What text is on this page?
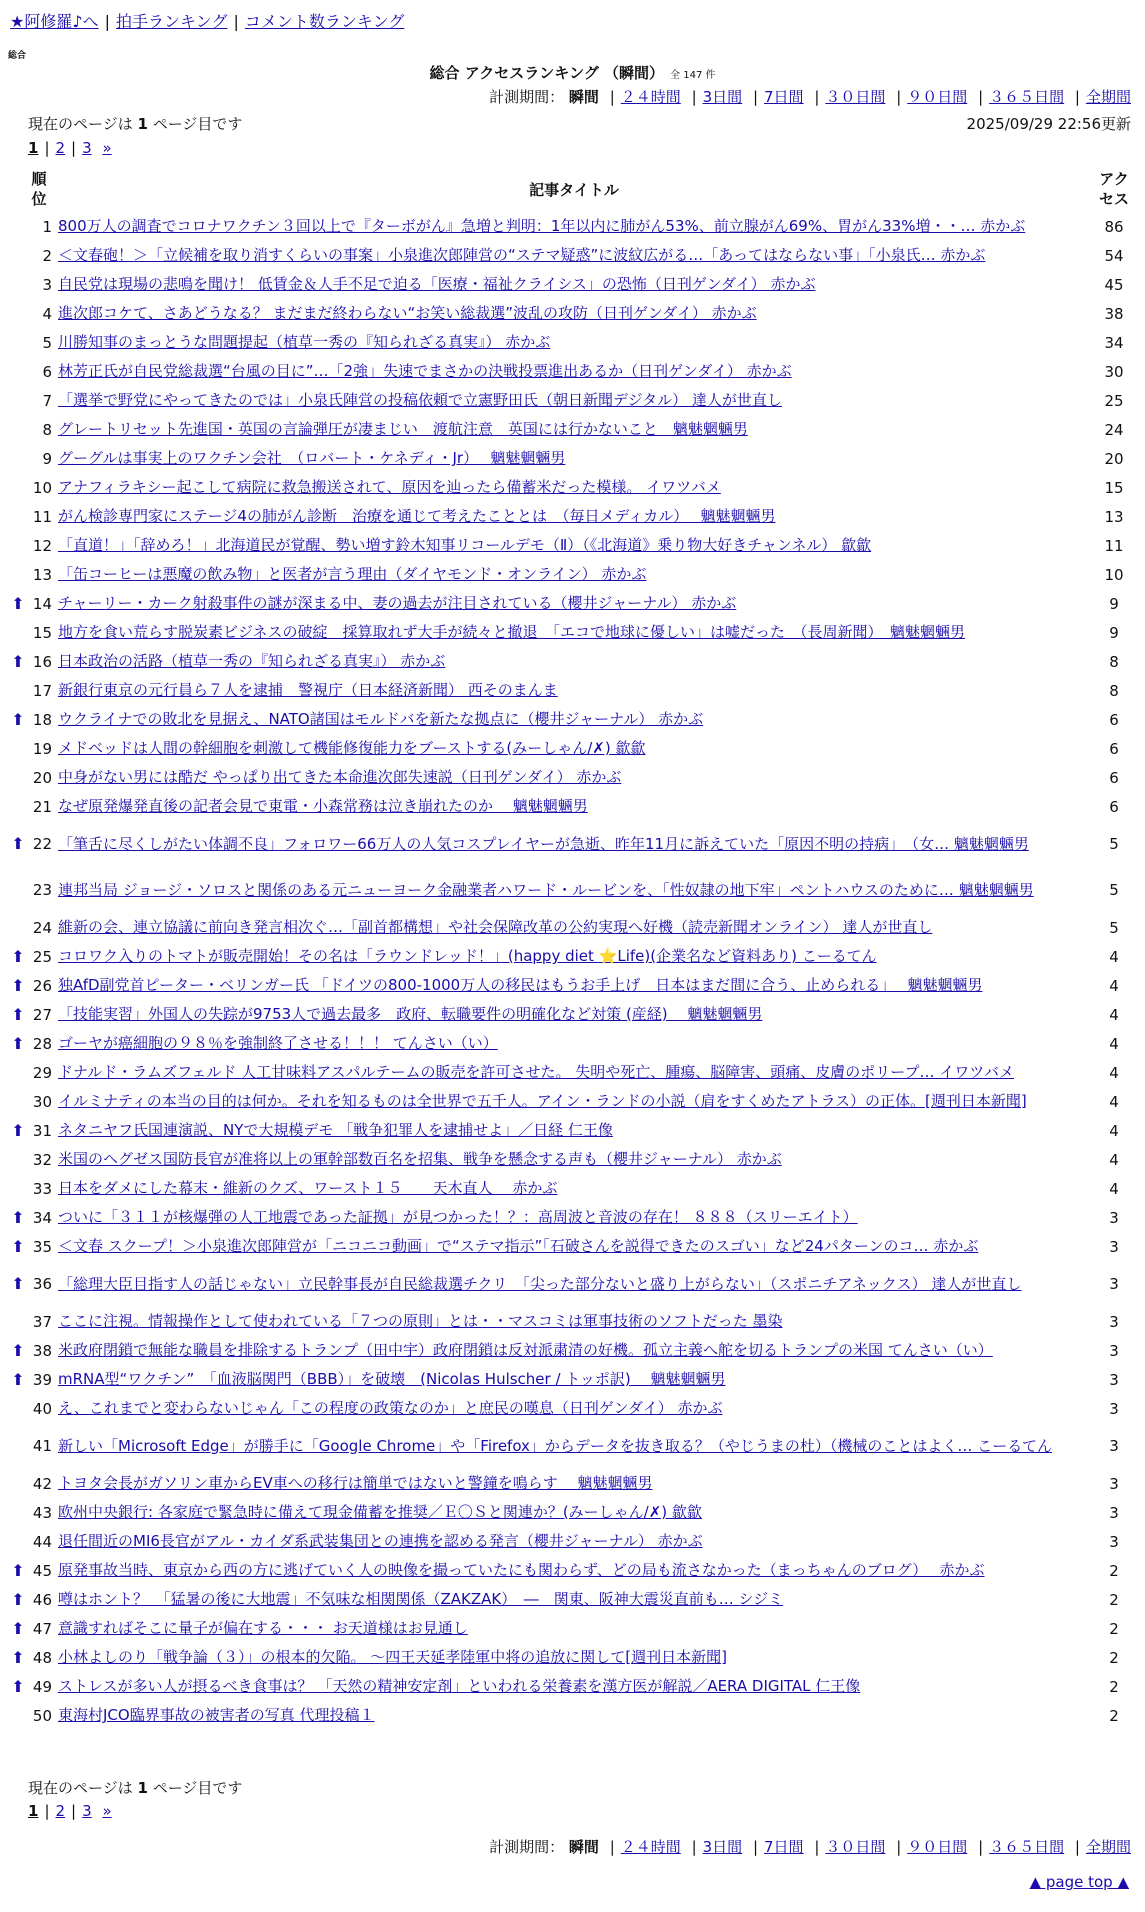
★阿修羅♪へ | 拍手ランキング | コメント数ランキング
総合
総合 アクセスランキング （瞬間） 全 147 件
計測期間： 瞬間 | ２４時間 | 3日間 | 7日間 | ３０日間 | ９０日間 | ３６５日間 | 全期間
現在のページは 1 ページ目です	2025/09/29 22:56更新
1 | 2 | 3 »
	順位	記事タイトル	アクセス
	1	800万人の調査でコロナワクチン３回以上で『ターボがん』急増と判明：1年以内に肺がん53%、前立腺がん69%、胃がん33%増・・… 赤かぶ	86
	2	＜文春砲！＞「立候補を取り消すくらいの事案」小泉進次郎陣営の“ステマ疑惑”に波紋広がる…「あってはならない事」「小泉氏… 赤かぶ	54
	3	自民党は現場の悲鳴を聞け！ 低賃金＆人手不足で迫る「医療・福祉クライシス」の恐怖（日刊ゲンダイ） 赤かぶ	45
	4	進次郎コケて、さあどうなる？ まだまだ終わらない“お笑い総裁選”波乱の攻防（日刊ゲンダイ） 赤かぶ	38
	5	川勝知事のまっとうな問題提起（植草一秀の『知られざる真実』） 赤かぶ	34
	6	林芳正氏が自民党総裁選“台風の目に”…「2強」失速でまさかの決戦投票進出あるか（日刊ゲンダイ） 赤かぶ	30
	7	「選挙で野党にやってきたのでは」小泉氏陣営の投稿依頼で立憲野田氏（朝日新聞デジタル） 達人が世直し	25
	8	グレートリセット先進国・英国の言論弾圧が凄まじい　渡航注意　英国には行かないこと　魑魅魍魎男	24
	9	グーグルは事実上のワクチン会社　（ロバート・ケネディ・Jr）　 魑魅魍魎男	20
	10	アナフィラキシー起こして病院に救急搬送されて、原因を辿ったら備蓄米だった模様。 イワツバメ	15
	11	がん検診専門家にステージ4の肺がん診断　治療を通じて考えたこととは　（毎日メディカル）　 魑魅魍魎男	13
	12	「直道！」「辞めろ！」北海道民が覚醒、勢い増す鈴木知事リコールデモ（Ⅱ）（《北海道》乗り物大好きチャンネル） 歙歙	11
	13	「缶コーヒーは悪魔の飲み物」と医者が言う理由（ダイヤモンド・オンライン） 赤かぶ	10
⬆	14	チャーリー・カーク射殺事件の謎が深まる中、妻の過去が注目されている（櫻井ジャーナル） 赤かぶ	9
	15	地方を食い荒らす脱炭素ビジネスの破綻　採算取れず大手が続々と撤退　「エコで地球に優しい」は嘘だった　（長周新聞）　魑魅魍魎男	9
⬆	16	日本政治の活路（植草一秀の『知られざる真実』） 赤かぶ	8
	17	新銀行東京の元行員ら７人を逮捕　警視庁（日本経済新聞） 西そのまんま	8
⬆	18	ウクライナでの敗北を見据え、NATO諸国はモルドバを新たな拠点に（櫻井ジャーナル） 赤かぶ	6
	19	メドベッドは人間の幹細胞を刺激して機能修復能力をブーストする(みーしゃん/✗) 歙歙	6
	20	中身がない男には酷だ やっぱり出てきた本命進次郎失速説（日刊ゲンダイ） 赤かぶ	6
	21	なぜ原発爆発直後の記者会見で東電・小森常務は泣き崩れたのか　 魑魅魍魎男	6
⬆	22	「筆舌に尽くしがたい体調不良」フォロワー66万人の人気コスプレイヤーが急逝、昨年11月に訴えていた「原因不明の持病」　（女… 魑魅魍魎男	5
	23	連邦当局 ジョージ・ソロスと関係のある元ニューヨーク金融業者ハワード・ルービンを、「性奴隷の地下牢」ペントハウスのために… 魑魅魍魎男	5
	24	維新の会、連立協議に前向き発言相次ぐ…「副首都構想」や社会保障改革の公約実現へ好機（読売新聞オンライン） 達人が世直し	5
⬆	25	コロワク入りのトマトが販売開始！その名は「ラウンドレッド！」(happy diet ⭐Life)(企業名など資料あり) こーるてん	4
⬆	26	独AfD副党首ピーター・ベリンガー氏 「ドイツの800-1000万人の移民はもうお手上げ　日本はまだ間に合う、止められる」　 魑魅魍魎男	4
⬆	27	「技能実習」外国人の失踪が9753人で過去最多　政府、転職要件の明確化など対策 (産経)　 魑魅魍魎男	4
⬆	28	ゴーヤが癌細胞の９８％を強制終了させる！！！ てんさい（い）	4
	29	ドナルド・ラムズフェルド 人工甘味料アスパルテームの販売を許可させた。 失明や死亡、腫瘍、脳障害、頭痛、皮膚のポリープ… イワツバメ	4
	30	イルミナティの本当の目的は何か。それを知るものは全世界で五千人。アイン・ランドの小説（肩をすくめたアトラス）の正体。[週刊日本新聞]	4
⬆	31	ネタニヤフ氏国連演説、NYで大規模デモ 「戦争犯罪人を逮捕せよ」／日経 仁王像	4
	32	米国のヘグゼス国防長官が准将以上の軍幹部数百名を招集、戦争を懸念する声も（櫻井ジャーナル） 赤かぶ	4
	33	日本をダメにした幕末・維新のクズ、ワースト１５　　天木直人　 赤かぶ	4
⬆	34	ついに「３１１が核爆弾の人工地震であった証拠」が見つかった！？：高周波と音波の存在！ ８８８（スリーエイト）	3
⬆	35	＜文春 スクープ！＞小泉進次郎陣営が「ニコニコ動画」で“ステマ指示”「石破さんを説得できたのスゴい」など24パターンのコ… 赤かぶ	3
⬆	36	「総理大臣目指す人の話じゃない」立民幹事長が自民総裁選チクリ　「尖った部分ないと盛り上がらない」（スポニチアネックス） 達人が世直し	3
	37	ここに注視。情報操作として使われている「７つの原則」とは・・マスコミは軍事技術のソフトだった 墨染	3
⬆	38	米政府閉鎖で無能な職員を排除するトランプ（田中宇）政府閉鎖は反対派粛清の好機。孤立主義へ舵を切るトランプの米国 てんさい（い）	3
⬆	39	mRNA型“ワクチン”　「血液脳関門（BBB）」を破壊　(Nicolas Hulscher / トッポ訳)　 魑魅魍魎男	3
	40	え、これまでと変わらないじゃん「この程度の政策なのか」と庶民の嘆息（日刊ゲンダイ） 赤かぶ	3
	41	新しい「Microsoft Edge」が勝手に「Google Chrome」や「Firefox」からデータを抜き取る？（やじうまの杜）（機械のことはよく… こーるてん	3
	42	トヨタ会長がガソリン車からEV車への移行は簡単ではないと警鐘を鳴らす　 魑魅魍魎男	3
	43	欧州中央銀行: 各家庭で緊急時に備えて現金備蓄を推奨／Ｅ〇Ｓと関連か？(みーしゃん/✗) 歙歙	3
	44	退任間近のMI6長官がアル・カイダ系武装集団との連携を認める発言（櫻井ジャーナル） 赤かぶ	3
⬆	45	原発事故当時、東京から西の方に逃げていく人の映像を撮っていたにも関わらず、どの局も流さなかった（まっちゃんのブログ）　 赤かぶ	2
⬆	46	噂はホント？　「猛暑の後に大地震」不気味な相関関係（ZAKZAK）　―　関東、阪神大震災直前も… シジミ	2
⬆	47	意識すればそこに量子が偏在する・・・ お天道様はお見通し	2
⬆	48	小林よしのり「戦争論（３）」の根本的欠陥。 ～四王天延孝陸軍中将の追放に関して[週刊日本新聞]	2
⬆	49	ストレスが多い人が摂るべき食事は？ 「天然の精神安定剤」といわれる栄養素を漢方医が解説／AERA DIGITAL 仁王像	2
	50	東海村JCO臨界事故の被害者の写真 代理投稿１	2
現在のページは 1 ページ目です
1 | 2 | 3 »
計測期間： 瞬間 | ２４時間 | 3日間 | 7日間 | ３０日間 | ９０日間 | ３６５日間 | 全期間
▲ page top ▲
